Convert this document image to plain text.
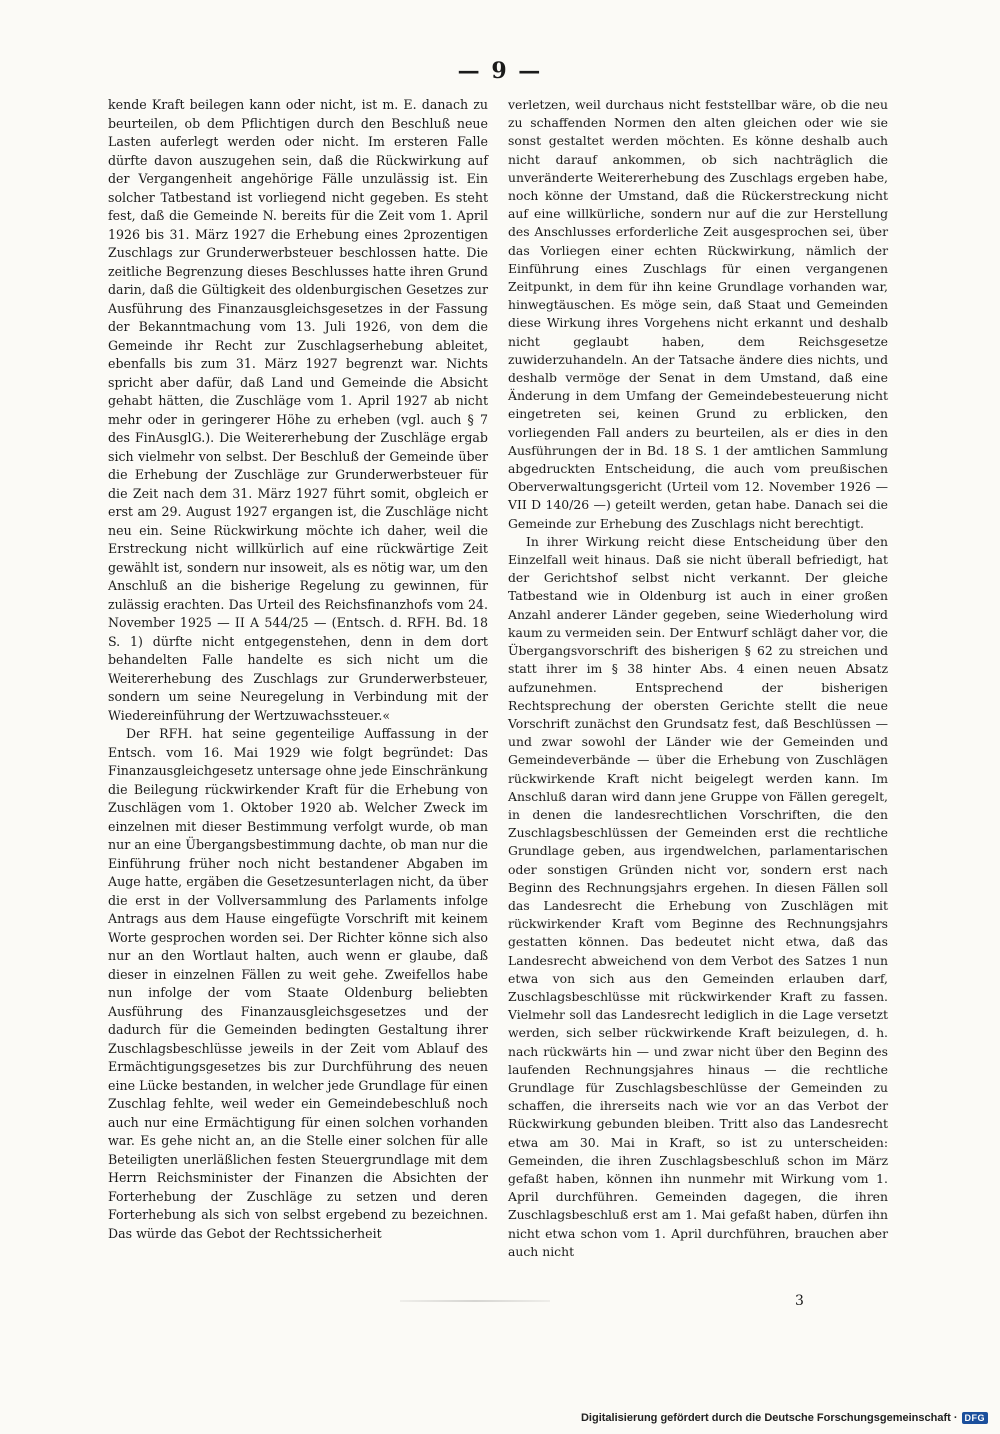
— 9 —

kende Kraft beilegen kann oder nicht, ist m. E. danach zu beurteilen, ob dem Pflichtigen durch den Beschluß neue Lasten auferlegt werden oder nicht. Im ersteren Falle dürfte davon auszugehen sein, daß die Rückwirkung auf der Vergangenheit angehörige Fälle unzulässig ist. Ein solcher Tatbestand ist vorliegend nicht gegeben. Es steht fest, daß die Gemeinde N. bereits für die Zeit vom 1. April 1926 bis 31. März 1927 die Erhebung eines 2prozentigen Zuschlags zur Grunderwerbsteuer beschlossen hatte. Die zeitliche Begrenzung dieses Beschlusses hatte ihren Grund darin, daß die Gültigkeit des oldenburgischen Gesetzes zur Ausführung des Finanzausgleichsgesetzes in der Fassung der Bekanntmachung vom 13. Juli 1926, von dem die Gemeinde ihr Recht zur Zuschlagserhebung ableitet, ebenfalls bis zum 31. März 1927 begrenzt war. Nichts spricht aber dafür, daß Land und Gemeinde die Absicht gehabt hätten, die Zuschläge vom 1. April 1927 ab nicht mehr oder in geringerer Höhe zu erheben (vgl. auch § 7 des FinAusglG.). Die Weitererhebung der Zuschläge ergab sich vielmehr von selbst. Der Beschluß der Gemeinde über die Erhebung der Zuschläge zur Grunderwerbsteuer für die Zeit nach dem 31. März 1927 führt somit, obgleich er erst am 29. August 1927 ergangen ist, die Zuschläge nicht neu ein. Seine Rückwirkung möchte ich daher, weil die Erstreckung nicht willkürlich auf eine rückwärtige Zeit gewählt ist, sondern nur insoweit, als es nötig war, um den Anschluß an die bisherige Regelung zu gewinnen, für zulässig erachten. Das Urteil des Reichsfinanzhofs vom 24. November 1925 — II A 544/25 — (Entsch. d. RFH. Bd. 18 S. 1) dürfte nicht entgegenstehen, denn in dem dort behandelten Falle handelte es sich nicht um die Weitererhebung des Zuschlags zur Grunderwerbsteuer, sondern um seine Neuregelung in Verbindung mit der Wiedereinführung der Wertzuwachssteuer.«

Der RFH. hat seine gegenteilige Auffassung in der Entsch. vom 16. Mai 1929 wie folgt begründet: Das Finanzausgleichgesetz untersage ohne jede Einschränkung die Beilegung rückwirkender Kraft für die Erhebung von Zuschlägen vom 1. Oktober 1920 ab. Welcher Zweck im einzelnen mit dieser Bestimmung verfolgt wurde, ob man nur an eine Übergangsbestimmung dachte, ob man nur die Einführung früher noch nicht bestandener Abgaben im Auge hatte, ergäben die Gesetzesunterlagen nicht, da über die erst in der Vollversammlung des Parlaments infolge Antrags aus dem Hause eingefügte Vorschrift mit keinem Worte gesprochen worden sei. Der Richter könne sich also nur an den Wortlaut halten, auch wenn er glaube, daß dieser in einzelnen Fällen zu weit gehe. Zweifellos habe nun infolge der vom Staate Oldenburg beliebten Ausführung des Finanzausgleichsgesetzes und der dadurch für die Gemeinden bedingten Gestaltung ihrer Zuschlagsbeschlüsse jeweils in der Zeit vom Ablauf des Ermächtigungsgesetzes bis zur Durchführung des neuen eine Lücke bestanden, in welcher jede Grundlage für einen Zuschlag fehlte, weil weder ein Gemeindebeschluß noch auch nur eine Ermächtigung für einen solchen vorhanden war. Es gehe nicht an, an die Stelle einer solchen für alle Beteiligten unerläßlichen festen Steuergrundlage mit dem Herrn Reichsminister der Finanzen die Absichten der Forterhebung der Zuschläge zu setzen und deren Forterhebung als sich von selbst ergebend zu bezeichnen. Das würde das Gebot der Rechtssicherheit

verletzen, weil durchaus nicht feststellbar wäre, ob die neu zu schaffenden Normen den alten gleichen oder wie sie sonst gestaltet werden möchten. Es könne deshalb auch nicht darauf ankommen, ob sich nachträglich die unveränderte Weitererhebung des Zuschlags ergeben habe, noch könne der Umstand, daß die Rückerstreckung nicht auf eine willkürliche, sondern nur auf die zur Herstellung des Anschlusses erforderliche Zeit ausgesprochen sei, über das Vorliegen einer echten Rückwirkung, nämlich der Einführung eines Zuschlags für einen vergangenen Zeitpunkt, in dem für ihn keine Grundlage vorhanden war, hinwegtäuschen. Es möge sein, daß Staat und Gemeinden diese Wirkung ihres Vorgehens nicht erkannt und deshalb nicht geglaubt haben, dem Reichsgesetze zuwiderzuhandeln. An der Tatsache ändere dies nichts, und deshalb vermöge der Senat in dem Umstand, daß eine Änderung in dem Umfang der Gemeindebesteuerung nicht eingetreten sei, keinen Grund zu erblicken, den vorliegenden Fall anders zu beurteilen, als er dies in den Ausführungen der in Bd. 18 S. 1 der amtlichen Sammlung abgedruckten Entscheidung, die auch vom preußischen Oberverwaltungsgericht (Urteil vom 12. November 1926 — VII D 140/26 —) geteilt werden, getan habe. Danach sei die Gemeinde zur Erhebung des Zuschlags nicht berechtigt.

In ihrer Wirkung reicht diese Entscheidung über den Einzelfall weit hinaus. Daß sie nicht überall befriedigt, hat der Gerichtshof selbst nicht verkannt. Der gleiche Tatbestand wie in Oldenburg ist auch in einer großen Anzahl anderer Länder gegeben, seine Wiederholung wird kaum zu vermeiden sein. Der Entwurf schlägt daher vor, die Übergangsvorschrift des bisherigen § 62 zu streichen und statt ihrer im § 38 hinter Abs. 4 einen neuen Absatz aufzunehmen. Entsprechend der bisherigen Rechtsprechung der obersten Gerichte stellt die neue Vorschrift zunächst den Grundsatz fest, daß Beschlüssen — und zwar sowohl der Länder wie der Gemeinden und Gemeindeverbände — über die Erhebung von Zuschlägen rückwirkende Kraft nicht beigelegt werden kann. Im Anschluß daran wird dann jene Gruppe von Fällen geregelt, in denen die landesrechtlichen Vorschriften, die den Zuschlagsbeschlüssen der Gemeinden erst die rechtliche Grundlage geben, aus irgendwelchen, parlamentarischen oder sonstigen Gründen nicht vor, sondern erst nach Beginn des Rechnungsjahrs ergehen. In diesen Fällen soll das Landesrecht die Erhebung von Zuschlägen mit rückwirkender Kraft vom Beginne des Rechnungsjahrs gestatten können. Das bedeutet nicht etwa, daß das Landesrecht abweichend von dem Verbot des Satzes 1 nun etwa von sich aus den Gemeinden erlauben darf, Zuschlagsbeschlüsse mit rückwirkender Kraft zu fassen. Vielmehr soll das Landesrecht lediglich in die Lage versetzt werden, sich selber rückwirkende Kraft beizulegen, d. h. nach rückwärts hin — und zwar nicht über den Beginn des laufenden Rechnungsjahres hinaus — die rechtliche Grundlage für Zuschlagsbeschlüsse der Gemeinden zu schaffen, die ihrerseits nach wie vor an das Verbot der Rückwirkung gebunden bleiben. Tritt also das Landesrecht etwa am 30. Mai in Kraft, so ist zu unterscheiden: Gemeinden, die ihren Zuschlagsbeschluß schon im März gefaßt haben, können ihn nunmehr mit Wirkung vom 1. April durchführen. Gemeinden dagegen, die ihren Zuschlagsbeschluß erst am 1. Mai gefaßt haben, dürfen ihn nicht etwa schon vom 1. April durchführen, brauchen aber auch nicht

3
Digitalisierung gefördert durch die Deutsche Forschungsgemeinschaft · DFG
